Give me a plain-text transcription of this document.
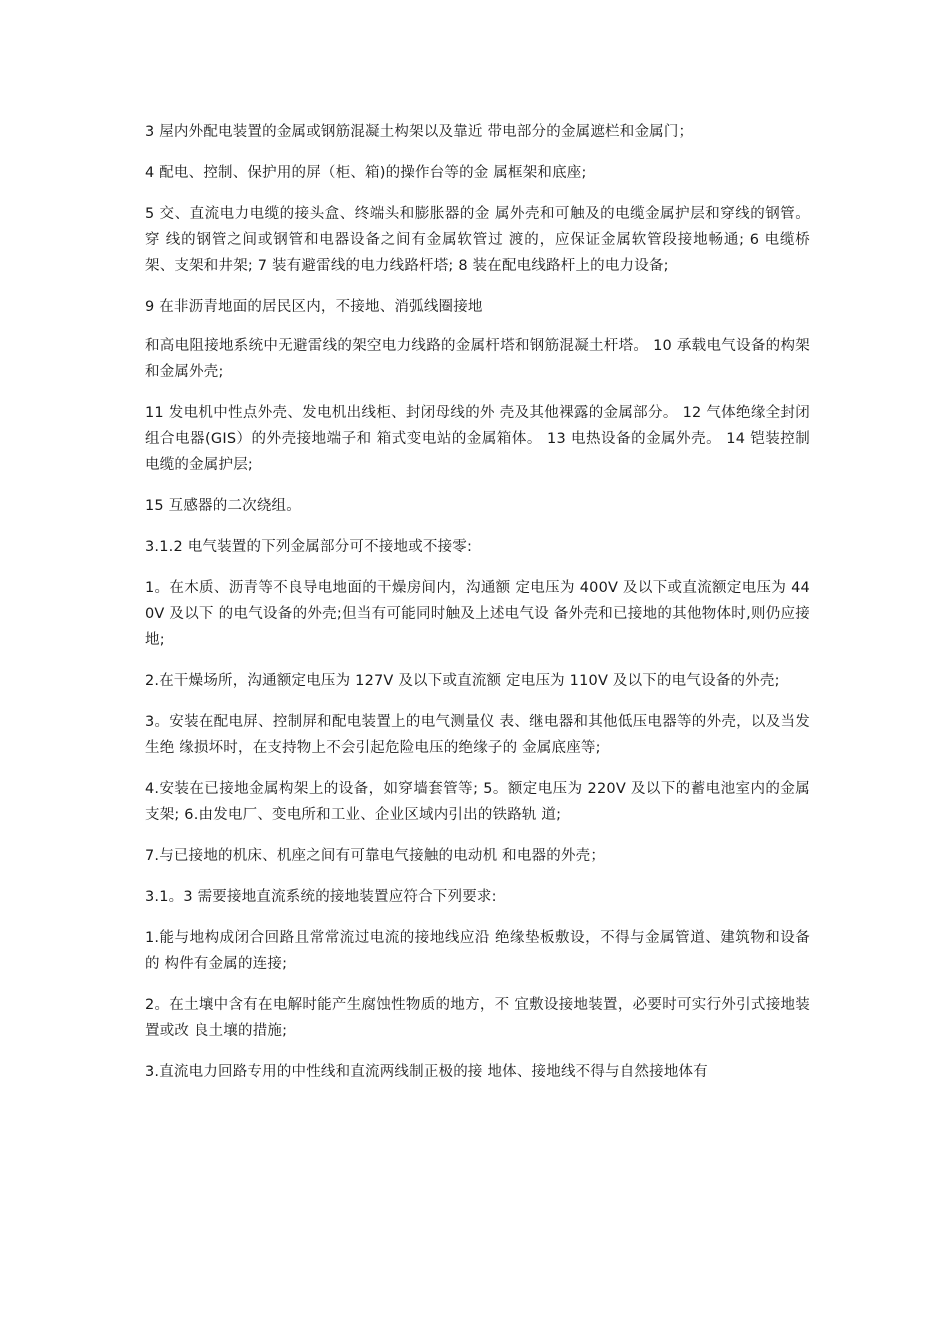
3 屋内外配电装置的金属或钢筋混凝土构架以及靠近 带电部分的金属遮栏和金属门；

4 配电、控制、保护用的屏（柜、箱)的操作台等的金 属框架和底座;

5 交、直流电力电缆的接头盒、终端头和膨胀器的金 属外壳和可触及的电缆金属护层和穿线的钢管。穿 线的钢管之间或钢管和电器设备之间有金属软管过 渡的，应保证金属软管段接地畅通; 6 电缆桥架、支架和井架; 7 装有避雷线的电力线路杆塔; 8 装在配电线路杆上的电力设备;

9 在非沥青地面的居民区内，不接地、消弧线圈接地

和高电阻接地系统中无避雷线的架空电力线路的金属杆塔和钢筋混凝土杆塔。 10 承载电气设备的构架和金属外壳;

11 发电机中性点外壳、发电机出线柜、封闭母线的外 壳及其他裸露的金属部分。 12 气体绝缘全封闭组合电器(GIS）的外壳接地端子和 箱式变电站的金属箱体。 13 电热设备的金属外壳。 14 铠装控制电缆的金属护层;

15 互感器的二次绕组。

3.1.2 电气装置的下列金属部分可不接地或不接零:

1。在木质、沥青等不良导电地面的干燥房间内，沟通额 定电压为 400V 及以下或直流额定电压为 440V 及以下 的电气设备的外壳;但当有可能同时触及上述电气设 备外壳和已接地的其他物体时,则仍应接地;

2.在干燥场所，沟通额定电压为 127V 及以下或直流额 定电压为 110V 及以下的电气设备的外壳;

3。安装在配电屏、控制屏和配电装置上的电气测量仪 表、继电器和其他低压电器等的外壳，以及当发生绝 缘损坏时，在支持物上不会引起危险电压的绝缘子的 金属底座等;

4.安装在已接地金属构架上的设备，如穿墙套管等; 5。额定电压为 220V 及以下的蓄电池室内的金属支架; 6.由发电厂、变电所和工业、企业区域内引出的铁路轨 道;

7.与已接地的机床、机座之间有可靠电气接触的电动机 和电器的外壳；

3.1。3 需要接地直流系统的接地装置应符合下列要求:

1.能与地构成闭合回路且常常流过电流的接地线应沿 绝缘垫板敷设，不得与金属管道、建筑物和设备的 构件有金属的连接;

2。在土壤中含有在电解时能产生腐蚀性物质的地方，不 宜敷设接地装置，必要时可实行外引式接地装置或改 良土壤的措施;

3.直流电力回路专用的中性线和直流两线制正极的接 地体、接地线不得与自然接地体有
